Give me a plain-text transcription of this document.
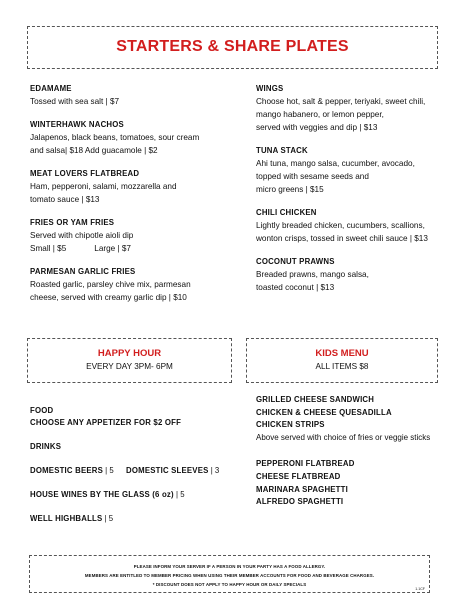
STARTERS & SHARE PLATES
EDAMAME
Tossed with sea salt | $7
WINTERHAWK NACHOS
Jalapenos, black beans, tomatoes, sour cream
and salsa| $18 Add guacamole | $2
MEAT LOVERS FLATBREAD
Ham, pepperoni, salami, mozzarella and
tomato sauce | $13
FRIES OR YAM FRIES
Served with chipotle aioli dip
Small | $5	Large | $7
PARMESAN GARLIC FRIES
Roasted garlic, parsley chive mix, parmesan
cheese, served with creamy garlic dip | $10
WINGS
Choose hot, salt & pepper, teriyaki, sweet chili,
mango habanero, or lemon pepper,
served with veggies and dip | $13
TUNA STACK
Ahi tuna, mango salsa, cucumber, avocado,
topped with sesame seeds and
micro greens | $15
CHILI CHICKEN
Lightly breaded chicken, cucumbers, scallions,
wonton crisps, tossed in sweet chili sauce | $13
COCONUT PRAWNS
Breaded prawns, mango salsa,
toasted coconut | $13
HAPPY HOUR
EVERY DAY 3PM- 6PM
KIDS MENU
ALL ITEMS $8
FOOD
CHOOSE ANY APPETIZER FOR $2 OFF
DRINKS
DOMESTIC BEERS | 5 DOMESTIC SLEEVES | 3
HOUSE WINES BY THE GLASS (6 oz) | 5
WELL HIGHBALLS | 5
GRILLED CHEESE SANDWICH
CHICKEN & CHEESE QUESADILLA
CHICKEN STRIPS
Above served with choice of fries or veggie sticks
PEPPERONI FLATBREAD
CHEESE FLATBREAD
MARINARA SPAGHETTI
ALFREDO SPAGHETTI
PLEASE INFORM YOUR SERVER IF A PERSON IN YOUR PARTY HAS A FOOD ALLERGY.
MEMBERS ARE ENTITLED TO MEMBER PRICING WHEN USING THEIR MEMBER ACCOUNTS FOR FOOD AND BEVERAGE CHARGES.
* DISCOUNT DOES NOT APPLY TO HAPPY HOUR OR DAILY SPECIALS
1.1CF
